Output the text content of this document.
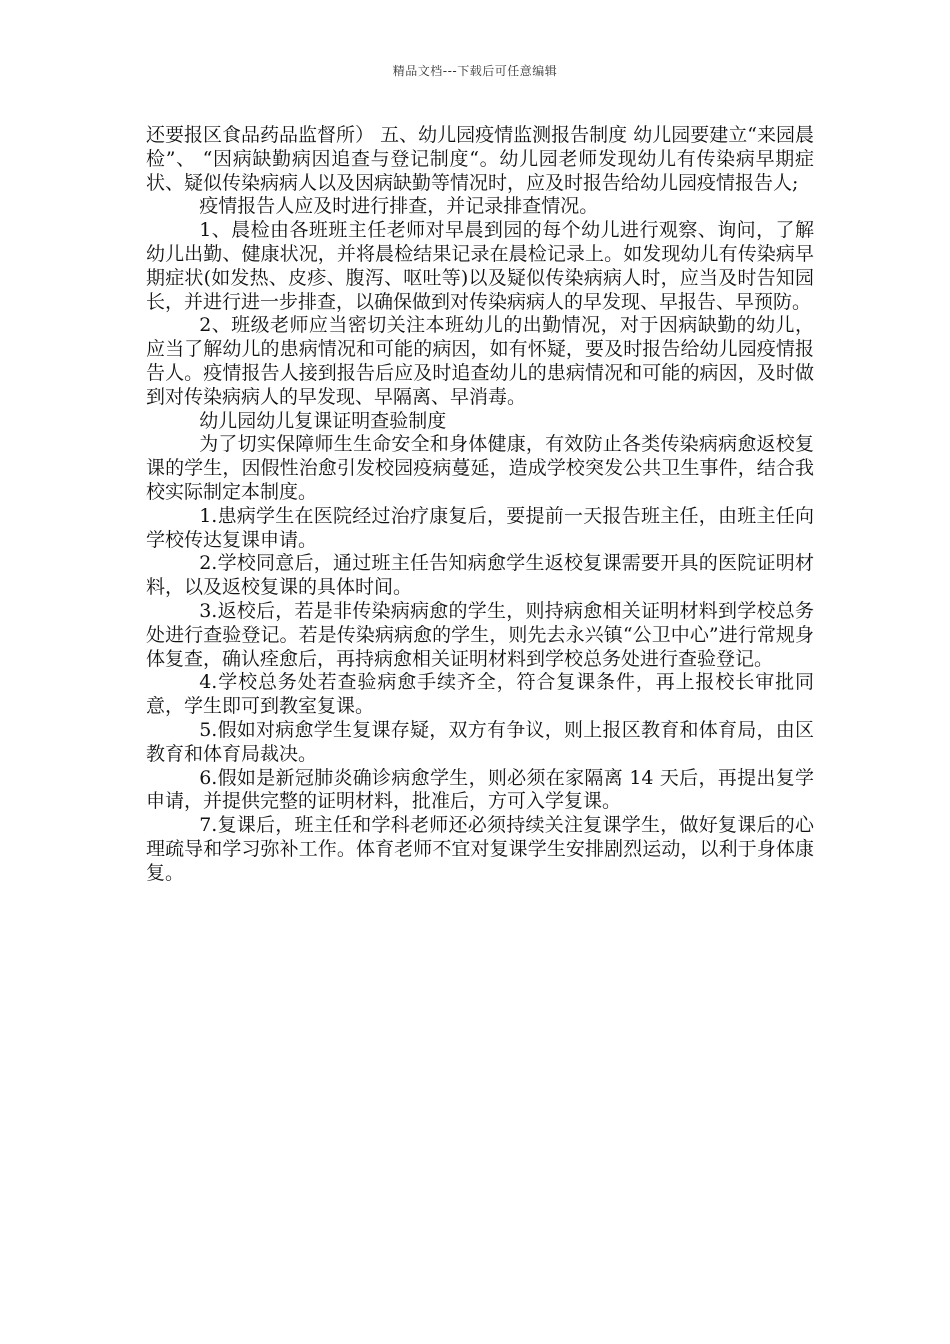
精品文档---下载后可任意编辑

还要报区食品药品监督所） 五、幼儿园疫情监测报告制度 幼儿园要建立“来园晨检”、 “因病缺勤病因追查与登记制度“。幼儿园老师发现幼儿有传染病早期症状、疑似传染病病人以及因病缺勤等情况时，应及时报告给幼儿园疫情报告人;

疫情报告人应及时进行排查，并记录排查情况。

1、晨检由各班班主任老师对早晨到园的每个幼儿进行观察、询问，了解幼儿出勤、健康状况，并将晨检结果记录在晨检记录上。如发现幼儿有传染病早期症状(如发热、皮疹、腹泻、呕吐等)以及疑似传染病病人时，应当及时告知园长，并进行进一步排查，以确保做到对传染病病人的早发现、早报告、早预防。

2、班级老师应当密切关注本班幼儿的出勤情况，对于因病缺勤的幼儿，应当了解幼儿的患病情况和可能的病因，如有怀疑，要及时报告给幼儿园疫情报告人。疫情报告人接到报告后应及时追查幼儿的患病情况和可能的病因，及时做到对传染病病人的早发现、早隔离、早消毒。

幼儿园幼儿复课证明查验制度

为了切实保障师生生命安全和身体健康，有效防止各类传染病病愈返校复课的学生，因假性治愈引发校园疫病蔓延，造成学校突发公共卫生事件，结合我校实际制定本制度。

1.患病学生在医院经过治疗康复后，要提前一天报告班主任，由班主任向学校传达复课申请。

2.学校同意后，通过班主任告知病愈学生返校复课需要开具的医院证明材料，以及返校复课的具体时间。

3.返校后，若是非传染病病愈的学生，则持病愈相关证明材料到学校总务处进行查验登记。若是传染病病愈的学生，则先去永兴镇“公卫中心”进行常规身体复查，确认痊愈后，再持病愈相关证明材料到学校总务处进行查验登记。

4.学校总务处若查验病愈手续齐全，符合复课条件，再上报校长审批同意，学生即可到教室复课。

5.假如对病愈学生复课存疑，双方有争议，则上报区教育和体育局，由区教育和体育局裁决。

6.假如是新冠肺炎确诊病愈学生，则必须在家隔离 14 天后，再提出复学申请，并提供完整的证明材料，批准后，方可入学复课。

7.复课后，班主任和学科老师还必须持续关注复课学生，做好复课后的心理疏导和学习弥补工作。体育老师不宜对复课学生安排剧烈运动，以利于身体康复。
